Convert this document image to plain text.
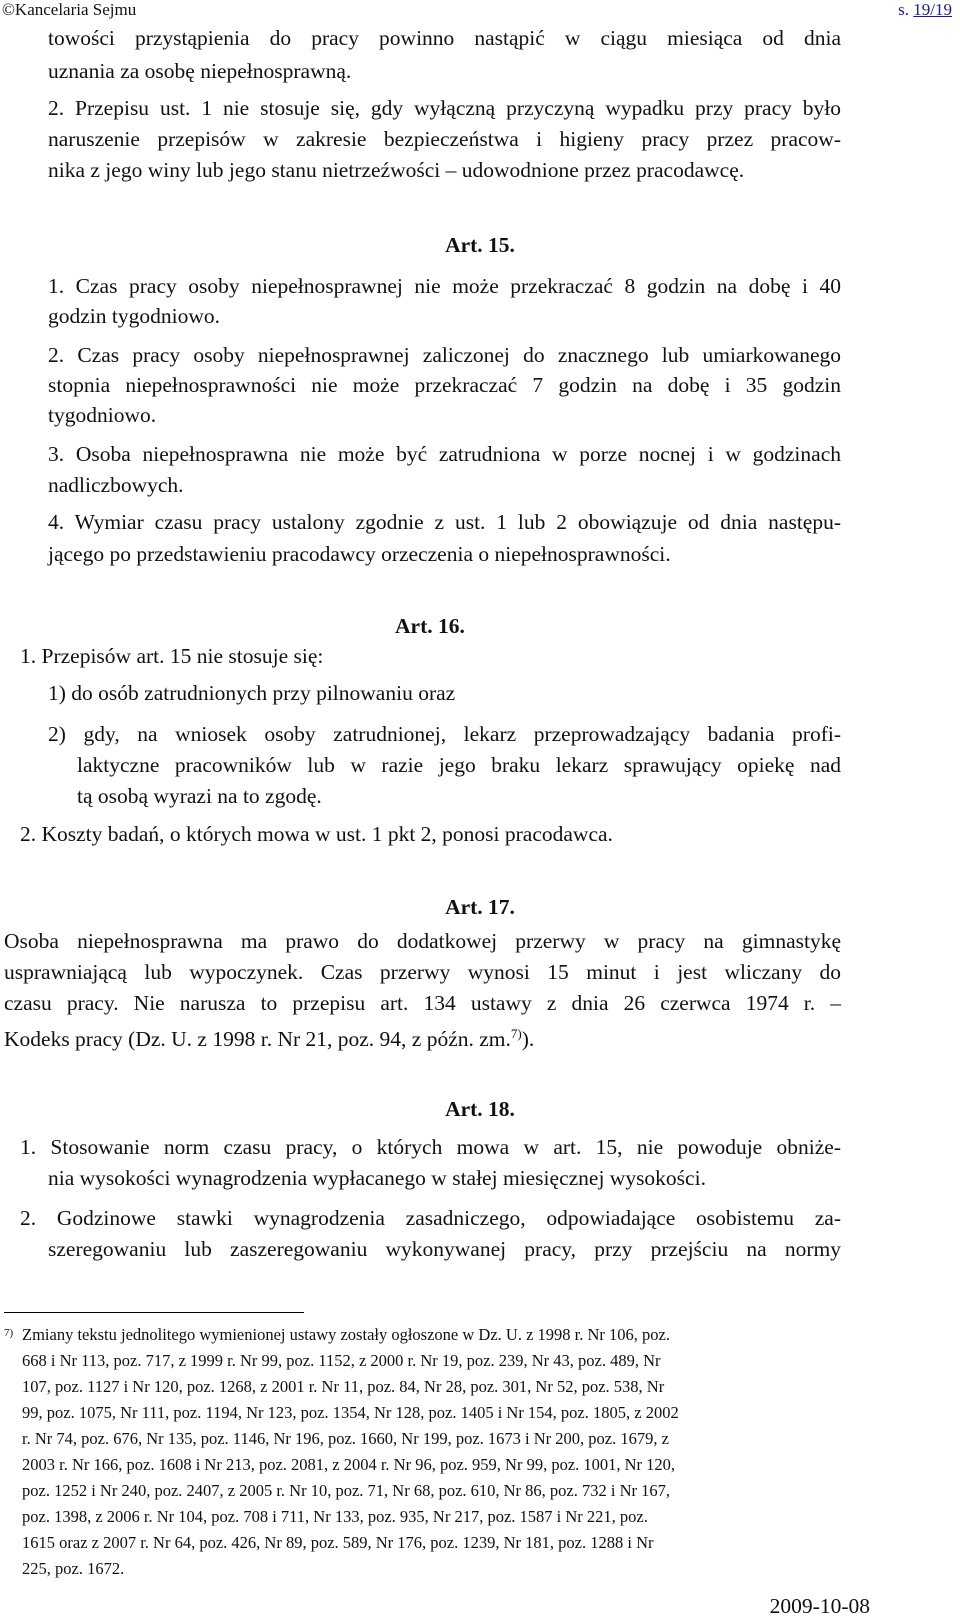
©Kancelaria Sejmu	s. 19/19
towości przystąpienia do pracy powinno nastąpić w ciągu miesiąca od dnia
uznania za osobę niepełnosprawną.
2. Przepisu ust. 1 nie stosuje się, gdy wyłączną przyczyną wypadku przy pracy było
naruszenie przepisów w zakresie bezpieczeństwa i higieny pracy przez pracow-
nika z jego winy lub jego stanu nietrzeźwości – udowodnione przez pracodawcę.
Art. 15.
1. Czas pracy osoby niepełnosprawnej nie może przekraczać 8 godzin na dobę i 40
godzin tygodniowo.
2. Czas pracy osoby niepełnosprawnej zaliczonej do znacznego lub umiarkowanego
stopnia niepełnosprawności nie może przekraczać 7 godzin na dobę i 35 godzin
tygodniowo.
3. Osoba niepełnosprawna nie może być zatrudniona w porze nocnej i w godzinach
nadliczbowych.
4. Wymiar czasu pracy ustalony zgodnie z ust. 1 lub 2 obowiązuje od dnia następu-
jącego po przedstawieniu pracodawcy orzeczenia o niepełnosprawności.
Art. 16.
1. Przepisów art. 15 nie stosuje się:
1) do osób zatrudnionych przy pilnowaniu oraz
2) gdy, na wniosek osoby zatrudnionej, lekarz przeprowadzający badania profi-
laktyczne pracowników lub w razie jego braku lekarz sprawujący opiekę nad
tą osobą wyrazi na to zgodę.
2. Koszty badań, o których mowa w ust. 1 pkt 2, ponosi pracodawca.
Art. 17.
Osoba niepełnosprawna ma prawo do dodatkowej przerwy w pracy na gimnastykę
usprawniającą lub wypoczynek. Czas przerwy wynosi 15 minut i jest wliczany do
czasu pracy. Nie narusza to przepisu art. 134 ustawy z dnia 26 czerwca 1974 r. –
Kodeks pracy (Dz. U. z 1998 r. Nr 21, poz. 94, z późn. zm.$^{7)}$).
Art. 18.
1. Stosowanie norm czasu pracy, o których mowa w art. 15, nie powoduje obniże-
nia wysokości wynagrodzenia wypłacanego w stałej miesięcznej wysokości.
2. Godzinowe stawki wynagrodzenia zasadniczego, odpowiadające osobistemu za-
szeregowaniu lub zaszeregowaniu wykonywanej pracy, przy przejściu na normy
7) Zmiany tekstu jednolitego wymienionej ustawy zostały ogłoszone w Dz. U. z 1998 r. Nr 106, poz.
668 i Nr 113, poz. 717, z 1999 r. Nr 99, poz. 1152, z 2000 r. Nr 19, poz. 239, Nr 43, poz. 489, Nr
107, poz. 1127 i Nr 120, poz. 1268, z 2001 r. Nr 11, poz. 84, Nr 28, poz. 301, Nr 52, poz. 538, Nr
99, poz. 1075, Nr 111, poz. 1194, Nr 123, poz. 1354, Nr 128, poz. 1405 i Nr 154, poz. 1805, z 2002
r. Nr 74, poz. 676, Nr 135, poz. 1146, Nr 196, poz. 1660, Nr 199, poz. 1673 i Nr 200, poz. 1679, z
2003 r. Nr 166, poz. 1608 i Nr 213, poz. 2081, z 2004 r. Nr 96, poz. 959, Nr 99, poz. 1001, Nr 120,
poz. 1252 i Nr 240, poz. 2407, z 2005 r. Nr 10, poz. 71, Nr 68, poz. 610, Nr 86, poz. 732 i Nr 167,
poz. 1398, z 2006 r. Nr 104, poz. 708 i 711, Nr 133, poz. 935, Nr 217, poz. 1587 i Nr 221, poz.
1615 oraz z 2007 r. Nr 64, poz. 426, Nr 89, poz. 589, Nr 176, poz. 1239, Nr 181, poz. 1288 i Nr
225, poz. 1672.
2009-10-08
